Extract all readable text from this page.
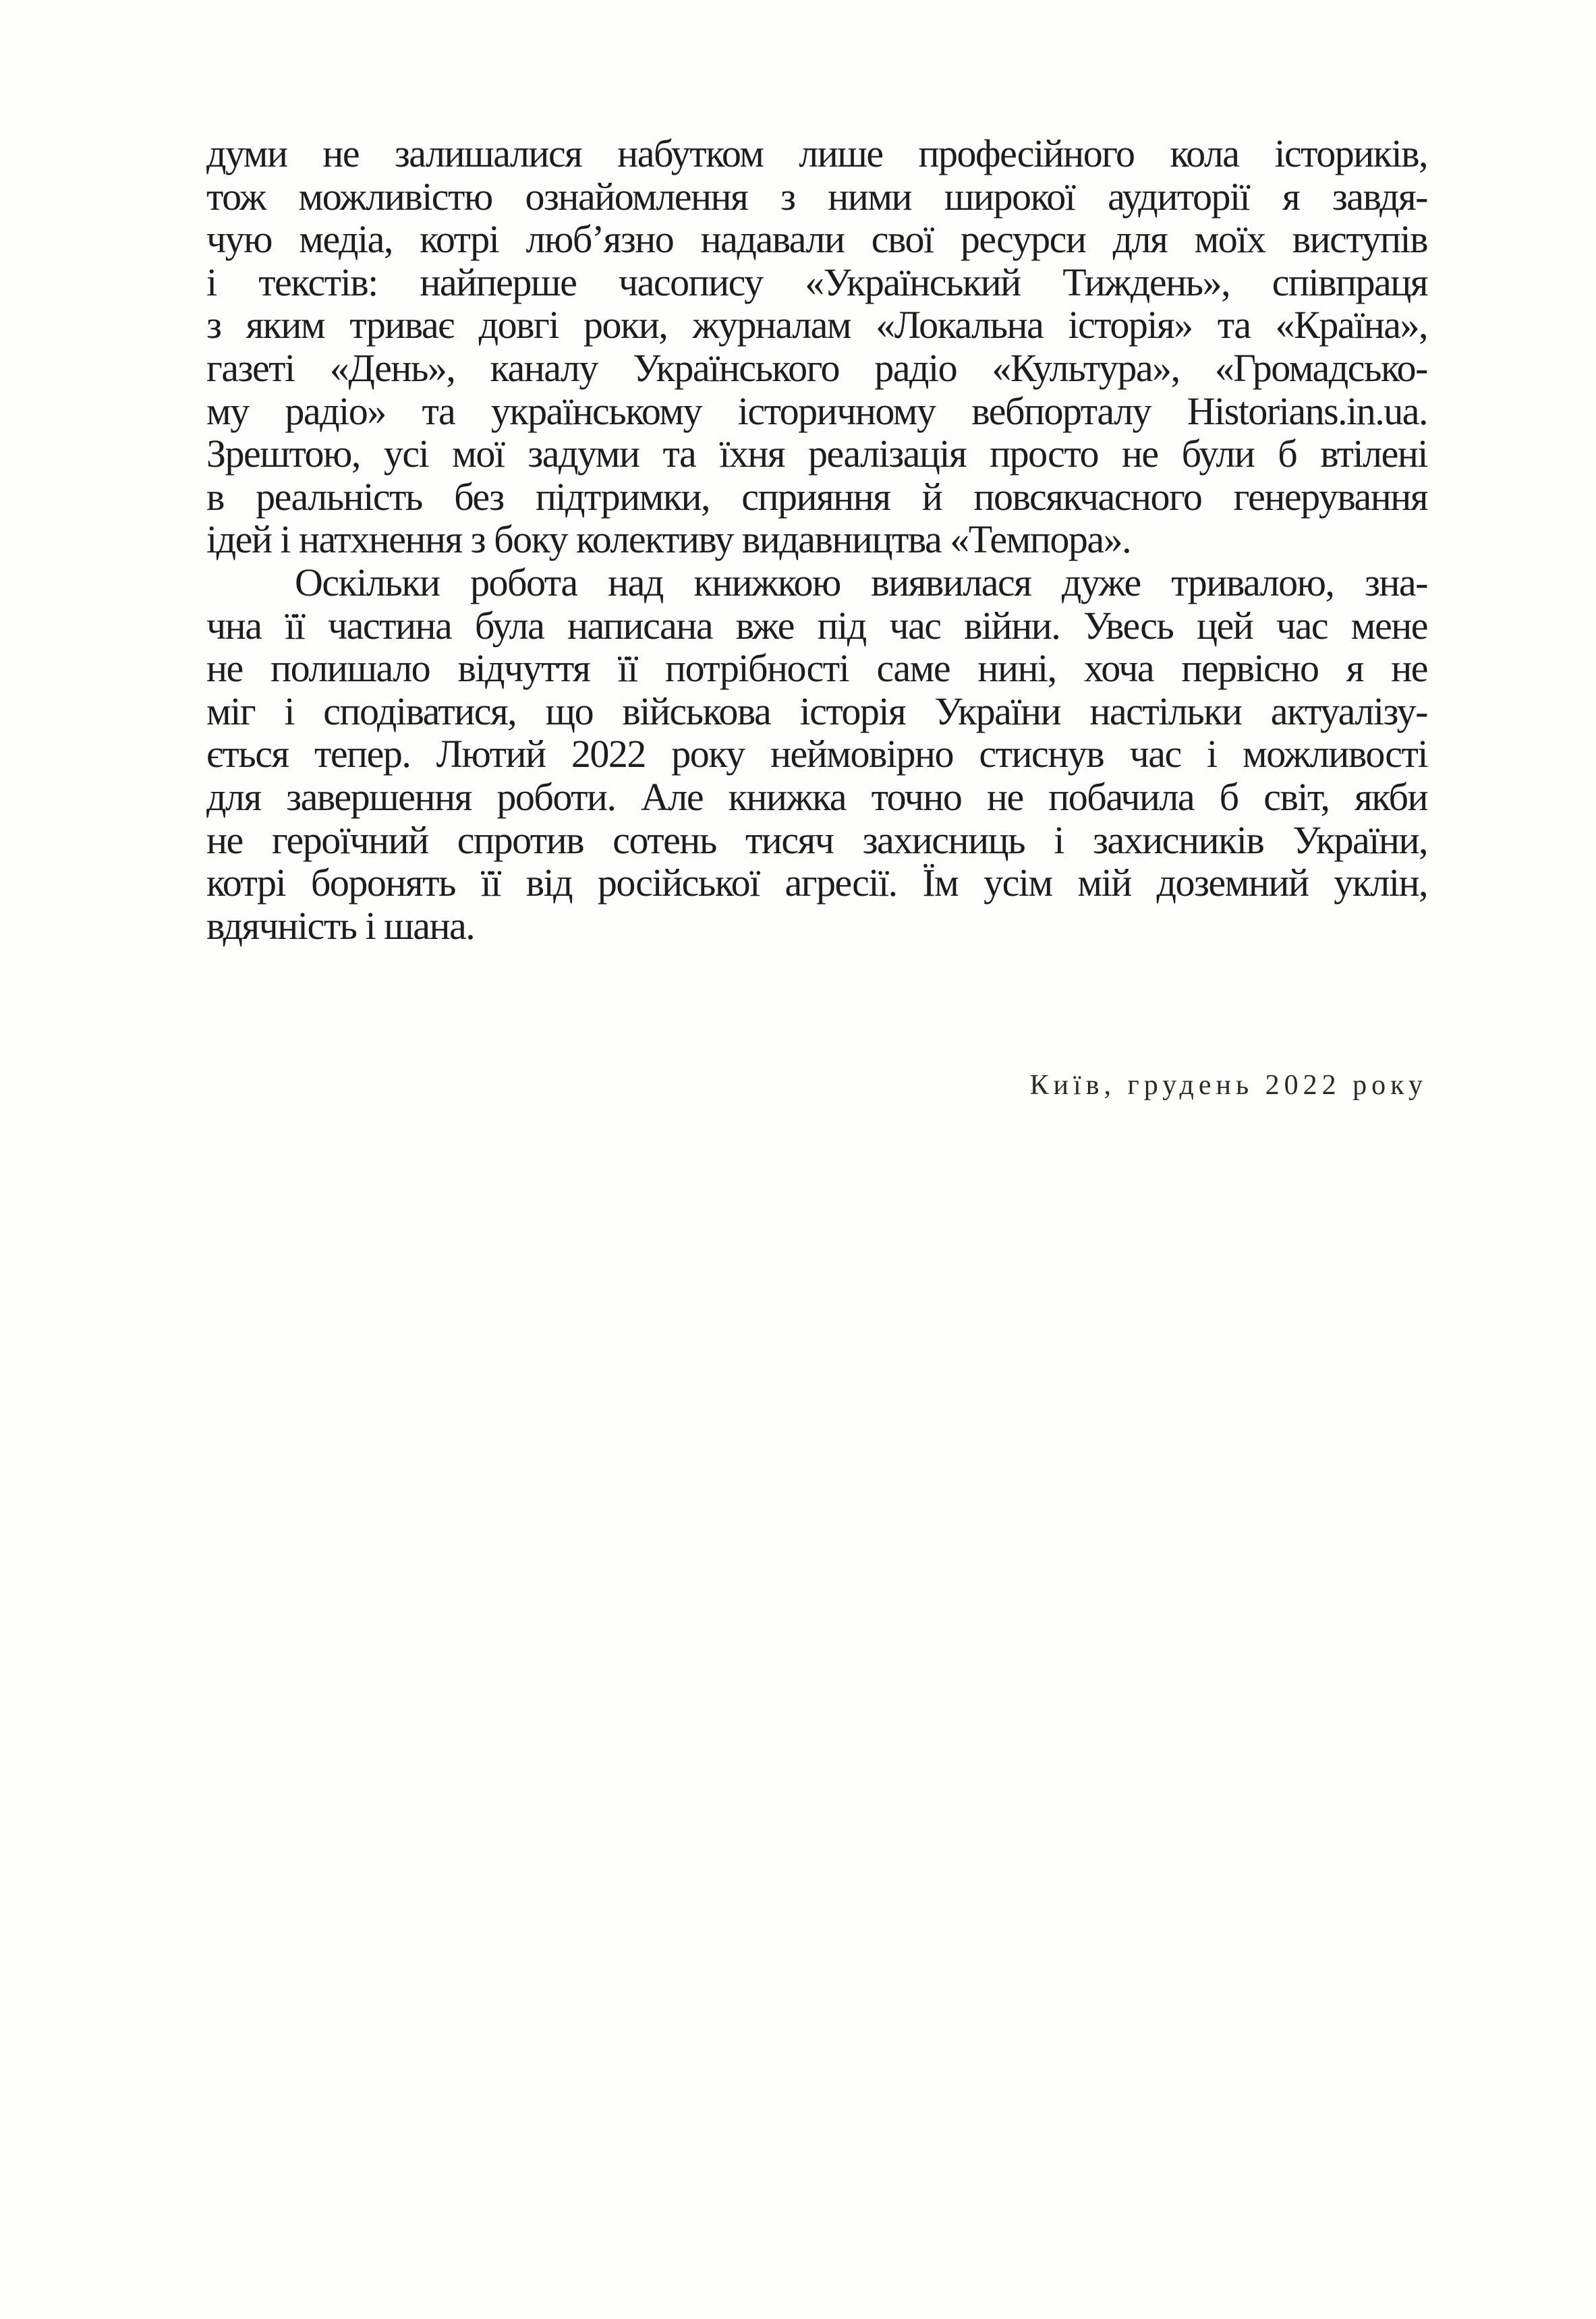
думи не залишалися набутком лише професійного кола істориків,
тож можливістю ознайомлення з ними широкої аудиторії я завдя-
чую медіа, котрі люб’язно надавали свої ресурси для моїх виступів
і текстів: найперше часопису «Український Тиждень», співпраця
з яким триває довгі роки, журналам «Локальна історія» та «Країна»,
газеті «День», каналу Українського радіо «Культура», «Громадсько-
му радіо» та українському історичному вебпорталу Historians.in.ua.
Зрештою, усі мої задуми та їхня реалізація просто не були б втілені
в реальність без підтримки, сприяння й повсякчасного генерування
ідей і натхнення з боку колективу видавництва «Темпора».
Оскільки робота над книжкою виявилася дуже тривалою, зна-
чна її частина була написана вже під час війни. Увесь цей час мене
не полишало відчуття її потрібності саме нині, хоча первісно я не
міг і сподіватися, що військова історія України настільки актуалізу-
ється тепер. Лютий 2022 року неймовірно стиснув час і можливості
для завершення роботи. Але книжка точно не побачила б світ, якби
не героїчний спротив сотень тисяч захисниць і захисників України,
котрі боронять її від російської агресії. Їм усім мій доземний уклін,
вдячність і шана.
Київ, грудень 2022 року
